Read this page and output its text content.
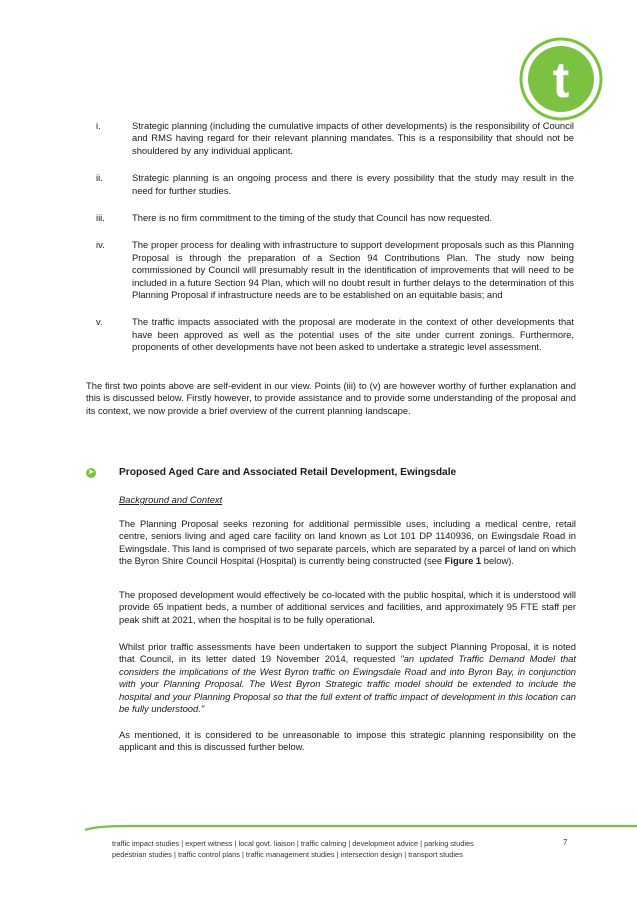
t
i.	Strategic planning (including the cumulative impacts of other developments) is the responsibility of Council and RMS having regard for their relevant planning mandates. This is a responsibility that should not be shouldered by any individual applicant.
ii.	Strategic planning is an ongoing process and there is every possibility that the study may result in the need for further studies.
iii.	There is no firm commitment to the timing of the study that Council has now requested.
iv.	The proper process for dealing with infrastructure to support development proposals such as this Planning Proposal is through the preparation of a Section 94 Contributions Plan. The study now being commissioned by Council will presumably result in the identification of improvements that will need to be included in a future Section 94 Plan, which will no doubt result in further delays to the determination of this Planning Proposal if infrastructure needs are to be established on an equitable basis; and
v.	The traffic impacts associated with the proposal are moderate in the context of other developments that have been approved as well as the potential uses of the site under current zonings. Furthermore, proponents of other developments have not been asked to undertake a strategic level assessment.

The first two points above are self-evident in our view. Points (iii) to (v) are however worthy of further explanation and this is discussed below. Firstly however, to provide assistance and to provide some understanding of the proposal and its context, we now provide a brief overview of the current planning landscape.

➤ Proposed Aged Care and Associated Retail Development, Ewingsdale
Background and Context

The Planning Proposal seeks rezoning for additional permissible uses, including a medical centre, retail centre, seniors living and aged care facility on land known as Lot 101 DP 1140936, on Ewingsdale Road in Ewingsdale. This land is comprised of two separate parcels, which are separated by a parcel of land on which the Byron Shire Council Hospital (Hospital) is currently being constructed (see Figure 1 below).

The proposed development would effectively be co-located with the public hospital, which it is understood will provide 65 inpatient beds, a number of additional services and facilities, and approximately 95 FTE staff per peak shift at 2021, when the hospital is to be fully operational.

Whilst prior traffic assessments have been undertaken to support the subject Planning Proposal, it is noted that Council, in its letter dated 19 November 2014, requested "an updated Traffic Demand Model that considers the implications of the West Byron traffic on Ewingsdale Road and into Byron Bay, in conjunction with your Planning Proposal. The West Byron Strategic traffic model should be extended to include the hospital and your Planning Proposal so that the full extent of traffic impact of development in this location can be fully understood."

As mentioned, it is considered to be unreasonable to impose this strategic planning responsibility on the applicant and this is discussed further below.

traffic impact studies | expert witness | local govt. liaison | traffic calming | development advice | parking studies
pedestrian studies | traffic control plans | traffic management studies | intersection design | transport studies
7
